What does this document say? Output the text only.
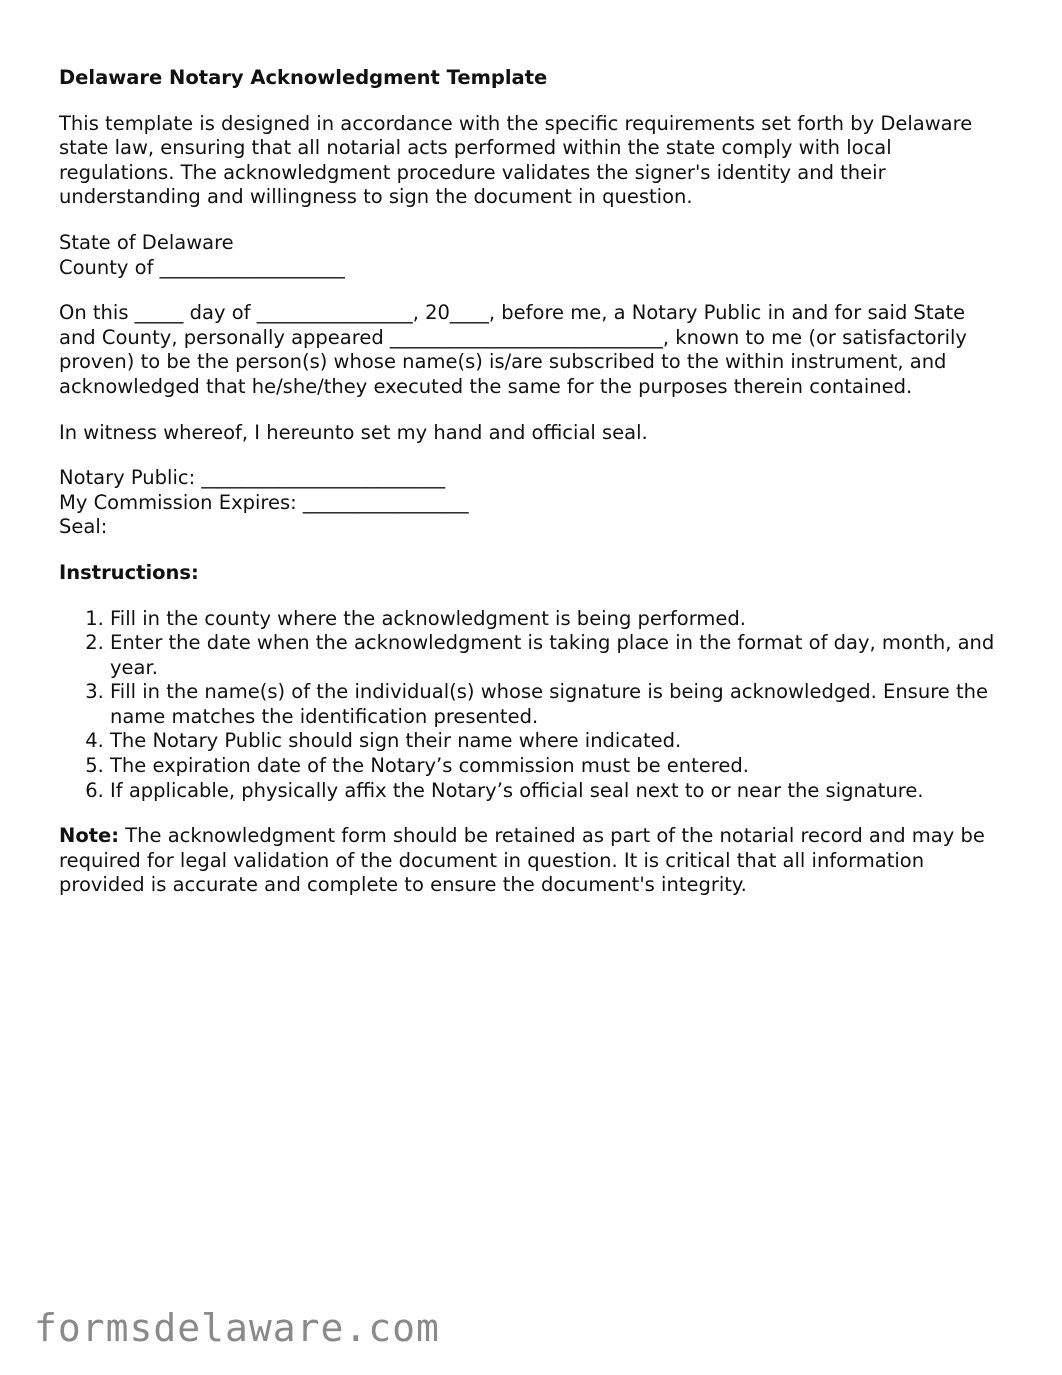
Delaware Notary Acknowledgment Template

This template is designed in accordance with the specific requirements set forth by Delaware state law, ensuring that all notarial acts performed within the state comply with local regulations. The acknowledgment procedure validates the signer's identity and their understanding and willingness to sign the document in question.

State of Delaware
County of ___________________

On this _____ day of ________________, 20____, before me, a Notary Public in and for said State and County, personally appeared ____________________________, known to me (or satisfactorily proven) to be the person(s) whose name(s) is/are subscribed to the within instrument, and acknowledged that he/she/they executed the same for the purposes therein contained.

In witness whereof, I hereunto set my hand and official seal.

Notary Public: _________________________
My Commission Expires: _________________
Seal:

Instructions:
1. Fill in the county where the acknowledgment is being performed.
2. Enter the date when the acknowledgment is taking place in the format of day, month, and year.
3. Fill in the name(s) of the individual(s) whose signature is being acknowledged. Ensure the name matches the identification presented.
4. The Notary Public should sign their name where indicated.
5. The expiration date of the Notary’s commission must be entered.
6. If applicable, physically affix the Notary’s official seal next to or near the signature.

Note: The acknowledgment form should be retained as part of the notarial record and may be required for legal validation of the document in question. It is critical that all information provided is accurate and complete to ensure the document's integrity.

formsdelaware.com
